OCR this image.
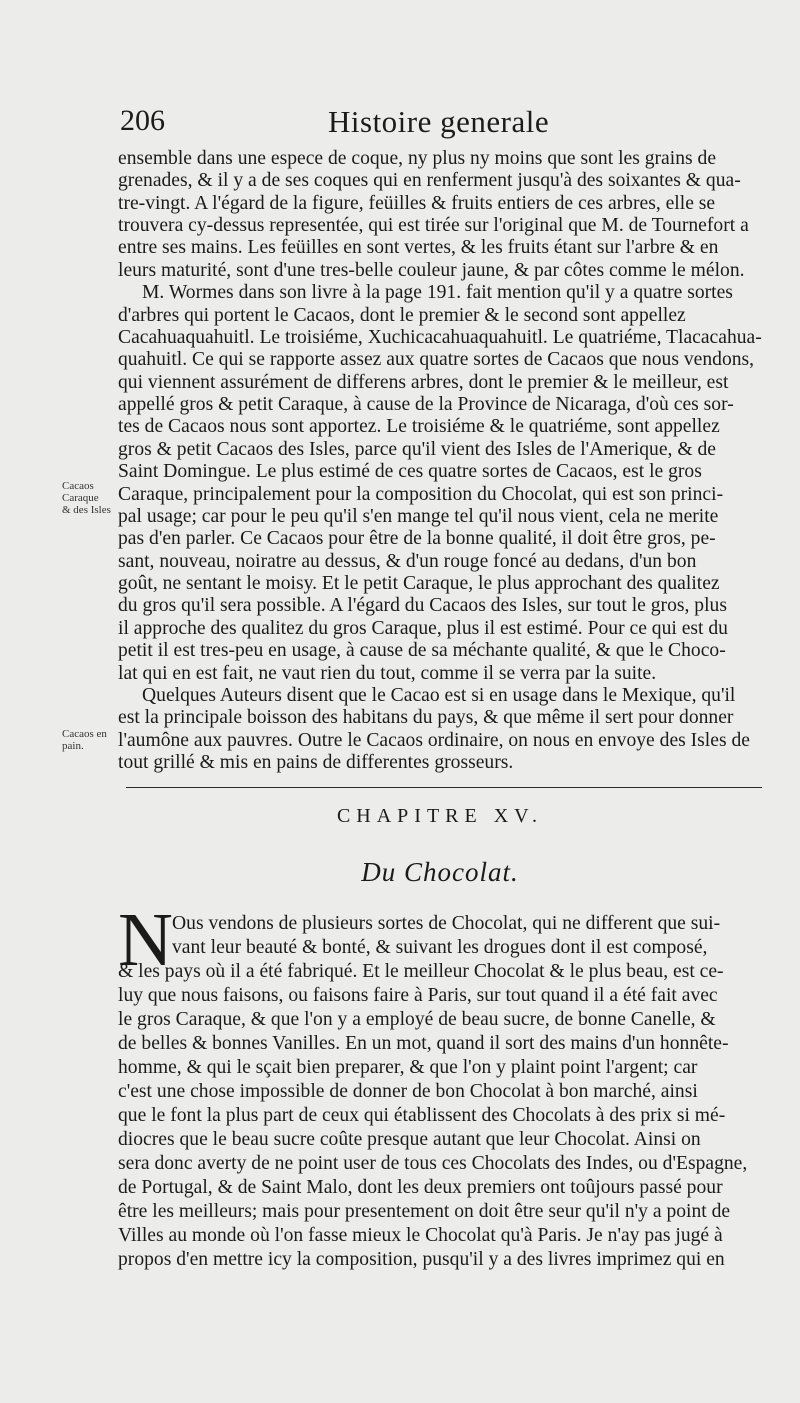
206	Histoire generale
ensemble dans une espece de coque, ny plus ny moins que sont les grains de
grenades, & il y a de ses coques qui en renferment jusqu'à des soixantes & qua-
tre-vingt. A l'égard de la figure, feüilles & fruits entiers de ces arbres, elle se
trouvera cy-dessus representée, qui est tirée sur l'original que M. de Tournefort a
entre ses mains. Les feüilles en sont vertes, & les fruits étant sur l'arbre & en
leurs maturité, sont d'une tres-belle couleur jaune, & par côtes comme le mélon.
M. Wormes dans son livre à la page 191. fait mention qu'il y a quatre sortes
d'arbres qui portent le Cacaos, dont le premier & le second sont appellez
Cacahuaquahuitl. Le troisiéme, Xuchicacahuaquahuitl. Le quatriéme, Tlacacahua-
quahuitl. Ce qui se rapporte assez aux quatre sortes de Cacaos que nous vendons,
qui viennent assurément de differens arbres, dont le premier & le meilleur, est
appellé gros & petit Caraque, à cause de la Province de Nicaraga, d'où ces sor-
tes de Cacaos nous sont apportez. Le troisiéme & le quatriéme, sont appellez
gros & petit Cacaos des Isles, parce qu'il vient des Isles de l'Amerique, & de
Saint Domingue. Le plus estimé de ces quatre sortes de Cacaos, est le gros
Caraque, principalement pour la composition du Chocolat, qui est son princi-
pal usage; car pour le peu qu'il s'en mange tel qu'il nous vient, cela ne merite
pas d'en parler. Ce Cacaos pour être de la bonne qualité, il doit être gros, pe-
sant, nouveau, noiratre au dessus, & d'un rouge foncé au dedans, d'un bon
goût, ne sentant le moisy. Et le petit Caraque, le plus approchant des qualitez
du gros qu'il sera possible. A l'égard du Cacaos des Isles, sur tout le gros, plus
il approche des qualitez du gros Caraque, plus il est estimé. Pour ce qui est du
petit il est tres-peu en usage, à cause de sa méchante qualité, & que le Choco-
lat qui en est fait, ne vaut rien du tout, comme il se verra par la suite.
Quelques Auteurs disent que le Cacao est si en usage dans le Mexique, qu'il
est la principale boisson des habitans du pays, & que même il sert pour donner
Cacaos
Caraque
& des Isles
Cacaos en
pain.
CHAPITRE XV.
Du Chocolat.
N Ous vendons de plusieurs sortes de Chocolat, qui ne different que sui-
vant leur beauté & bonté, & suivant les drogues dont il est composé,
& les pays où il a été fabriqué. Et le meilleur Chocolat & le plus beau, est ce-
luy que nous faisons, ou faisons faire à Paris, sur tout quand il a été fait avec
le gros Caraque, & que l'on y a employé de beau sucre, de bonne Canelle, &
de belles & bonnes Vanilles. En un mot, quand il sort des mains d'un honnête-
homme, & qui le sçait bien preparer, & que l'on y plaint point l'argent; car
c'est une chose impossible de donner de bon Chocolat à bon marché, ainsi
que le font la plus part de ceux qui établissent des Chocolats à des prix si mé-
diocres que le beau sucre coûte presque autant que leur Chocolat. Ainsi on
sera donc averty de ne point user de tous ces Chocolats des Indes, ou d'Espagne,
de Portugal, & de Saint Malo, dont les deux premiers ont toûjours passé pour
être les meilleurs; mais pour presentement on doit être seur qu'il n'y a point de
Villes au monde où l'on fasse mieux le Chocolat qu'à Paris. Je n'ay pas jugé à
propos d'en mettre icy la composition, pusqu'il y a des livres imprimez qui en
l'aumône aux pauvres. Outre le Cacaos ordinaire, on nous en envoye des Isles de
tout grillé & mis en pains de differentes grosseurs.
